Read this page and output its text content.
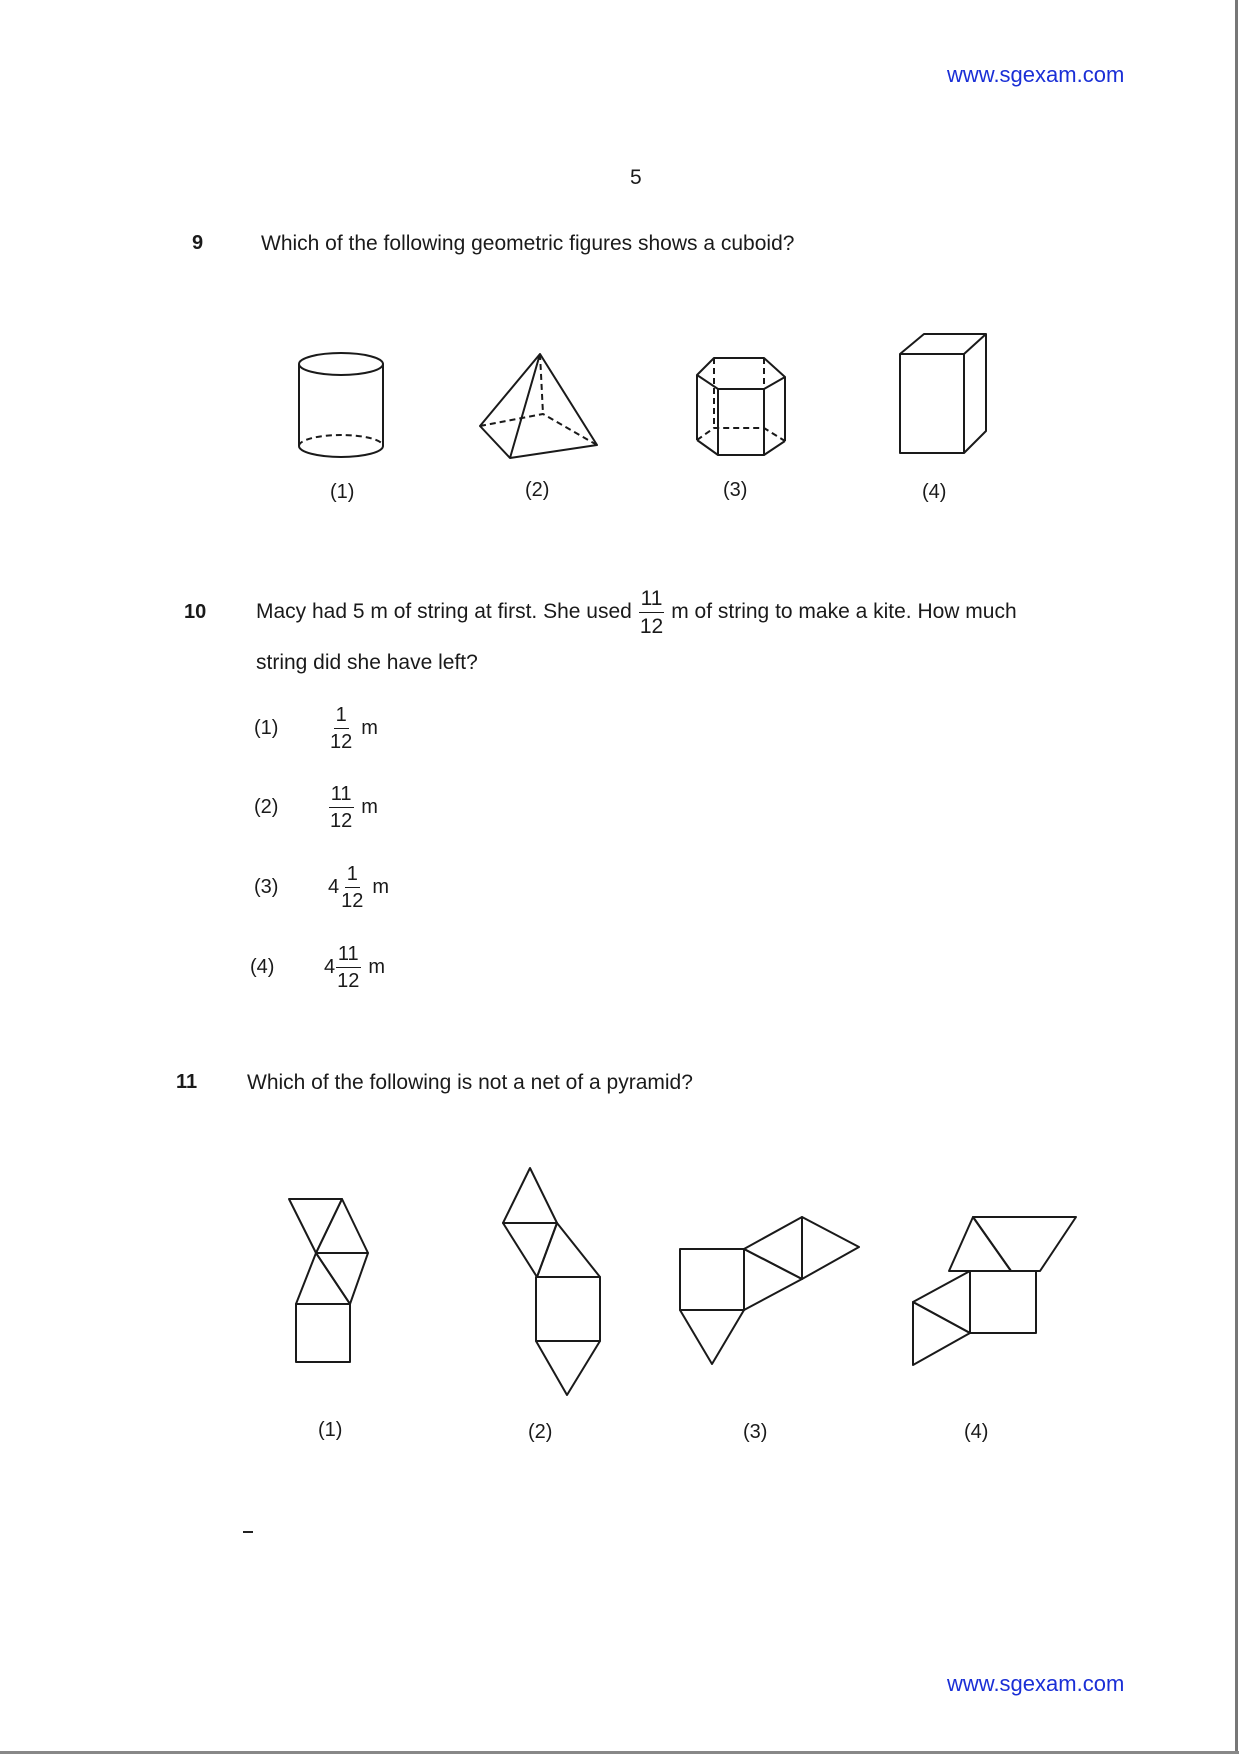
www.sgexam.com
5
9	Which of the following geometric figures shows a cuboid?
(1)	(2)	(3)	(4)
10 Macy had 5 m of string at first. She used $\frac{11}{12}$ m of string to make a kite. How much
string did she have left?
(1)	$\frac{1}{12}$ m
(2)	$\frac{11}{12}$ m
(3)	$4 \frac{1}{12}$ m
(4)	$4 \frac{11}{12}$ m
11 Which of the following is not a net of a pyramid?
(1)	(2)	(3)	(4)
www.sgexam.com
